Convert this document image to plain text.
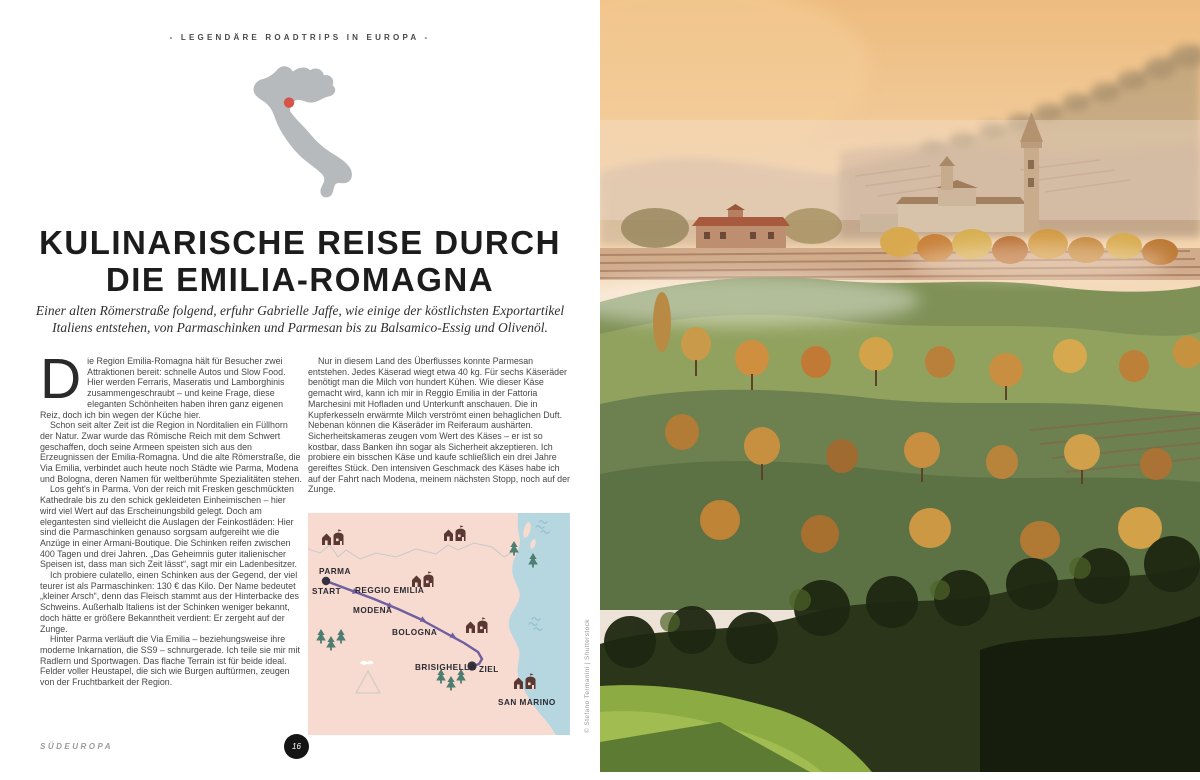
- LEGENDÄRE ROADTRIPS IN EUROPA -
KULINARISCHE REISE DURCH
DIE EMILIA-ROMAGNA
Einer alten Römerstraße folgend, erfuhr Gabrielle Jaffe, wie einige der köstlichsten Exportartikel Italiens entstehen, von Parmaschinken und Parmesan bis zu Balsamico-Essig und Olivenöl.

Die Region Emilia-Romagna hält für Besucher zwei Attraktionen bereit: schnelle Autos und Slow Food. Hier werden Ferraris, Maseratis und Lamborghinis zusammengeschraubt – und keine Frage, diese eleganten Schönheiten haben ihren ganz eigenen Reiz, doch ich bin wegen der Küche hier.

Schon seit alter Zeit ist die Region in Norditalien ein Füllhorn der Natur. Zwar wurde das Römische Reich mit dem Schwert geschaffen, doch seine Armeen speisten sich aus den Erzeugnissen der Emilia-Romagna. Und die alte Römerstraße, die Via Emilia, verbindet auch heute noch Städte wie Parma, Modena und Bologna, deren Namen für weltberühmte Spezialitäten stehen.

Los geht's in Parma. Von der reich mit Fresken geschmückten Kathedrale bis zu den schick gekleideten Einheimischen – hier wird viel Wert auf das Erscheinungsbild gelegt. Doch am elegantesten sind vielleicht die Auslagen der Feinkostläden: Hier sind die Parmaschinken genauso sorgsam aufgereiht wie die Anzüge in einer Armani-Boutique. Die Schinken reifen zwischen 400 Tagen und drei Jahren. „Das Geheimnis guter italienischer Speisen ist, dass man sich Zeit lässt“, sagt mir ein Ladenbesitzer.

Ich probiere culatello, einen Schinken aus der Gegend, der viel teurer ist als Parmaschinken: 130 € das Kilo. Der Name bedeutet „kleiner Arsch“, denn das Fleisch stammt aus der Hinterbacke des Schweins. Außerhalb Italiens ist der Schinken weniger bekannt, doch hätte er größere Bekanntheit verdient: Er zergeht auf der Zunge.

Hinter Parma verläuft die Via Emilia – beziehungsweise ihre moderne Inkarnation, die SS9 – schnurgerade. Ich teile sie mir mit Radlern und Sportwagen. Das flache Terrain ist für beide ideal. Felder voller Heustapel, die sich wie Burgen auftürmen, zeugen von der Fruchtbarkeit der Region.

Nur in diesem Land des Überflusses konnte Parmesan entstehen. Jedes Käserad wiegt etwa 40 kg. Für sechs Käseräder benötigt man die Milch von hundert Kühen. Wie dieser Käse gemacht wird, kann ich mir in Reggio Emilia in der Fattoria Marchesini mit Hofladen und Unterkunft anschauen. Die in Kupferkesseln erwärmte Milch verströmt einen behaglichen Duft. Nebenan können die Käseräder im Reiferaum aushärten. Sicherheitskameras zeugen vom Wert des Käses – er ist so kostbar, dass Banken ihn sogar als Sicherheit akzeptieren. Ich probiere ein bisschen Käse und kaufe schließlich ein drei Jahre gereiftes Stück. Den intensiven Geschmack des Käses habe ich auf der Fahrt nach Modena, meinem nächsten Stopp, noch auf der Zunge.

PARMA
START REGGIO EMILIA
MODENA
BOLOGNA
BRISIGHELLA ZIEL
SAN MARINO
SÜDEUROPA	16
© Stefano Termanini | Shutterstock
